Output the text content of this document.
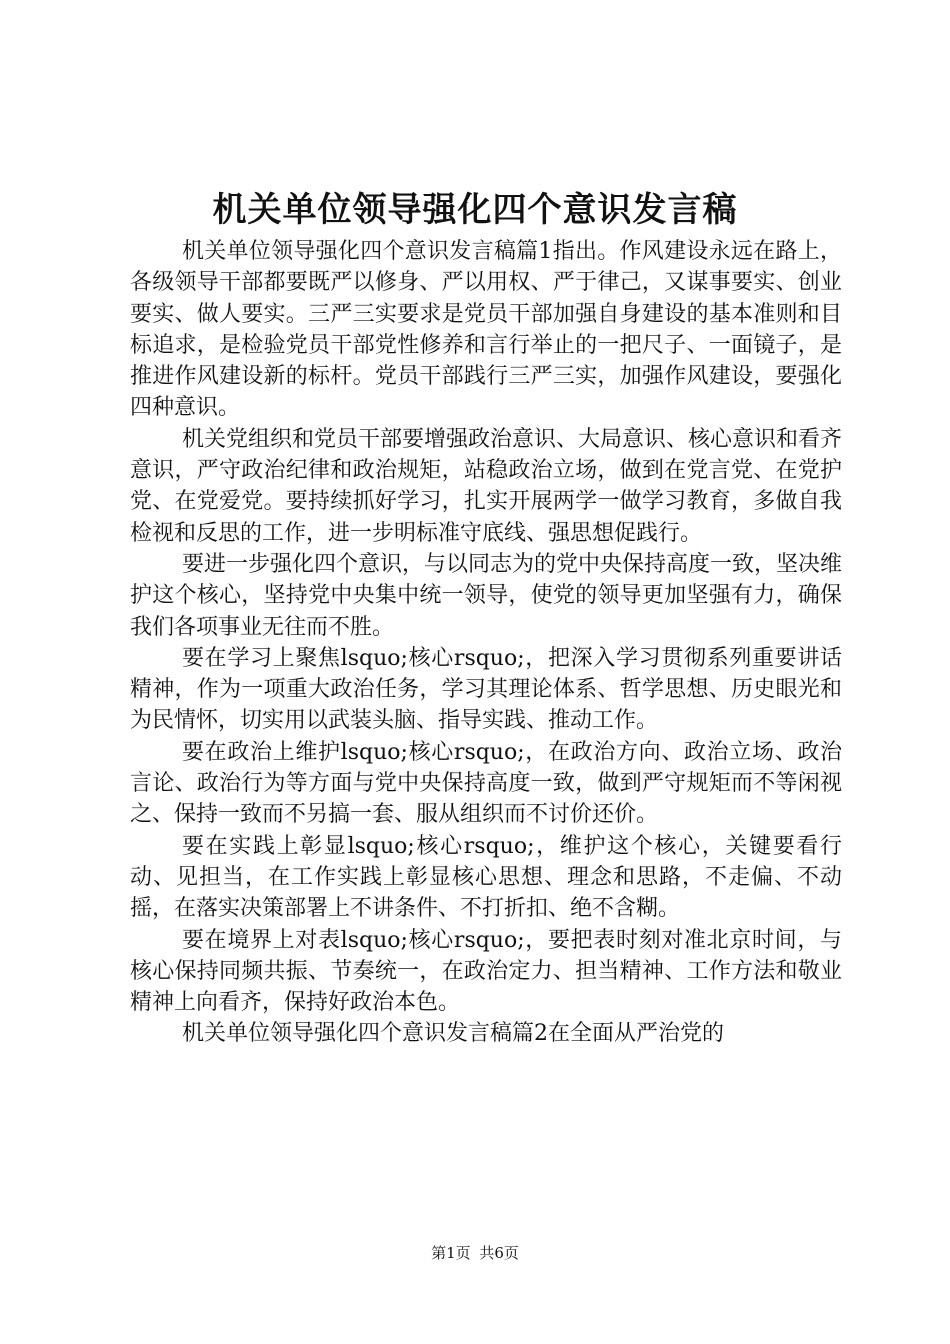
机关单位领导强化四个意识发言稿

机关单位领导强化四个意识发言稿篇1指出。作风建设永远在路上，各级领导干部都要既严以修身、严以用权、严于律己，又谋事要实、创业要实、做人要实。三严三实要求是党员干部加强自身建设的基本准则和目标追求，是检验党员干部党性修养和言行举止的一把尺子、一面镜子，是推进作风建设新的标杆。党员干部践行三严三实，加强作风建设，要强化四种意识。

机关党组织和党员干部要增强政治意识、大局意识、核心意识和看齐意识，严守政治纪律和政治规矩，站稳政治立场，做到在党言党、在党护党、在党爱党。要持续抓好学习，扎实开展两学一做学习教育，多做自我检视和反思的工作，进一步明标准守底线、强思想促践行。

要进一步强化四个意识，与以同志为的党中央保持高度一致，坚决维护这个核心，坚持党中央集中统一领导，使党的领导更加坚强有力，确保我们各项事业无往而不胜。

要在学习上聚焦lsquo;核心rsquo;，把深入学习贯彻系列重要讲话精神，作为一项重大政治任务，学习其理论体系、哲学思想、历史眼光和为民情怀，切实用以武装头脑、指导实践、推动工作。

要在政治上维护lsquo;核心rsquo;，在政治方向、政治立场、政治言论、政治行为等方面与党中央保持高度一致，做到严守规矩而不等闲视之、保持一致而不另搞一套、服从组织而不讨价还价。

要在实践上彰显lsquo;核心rsquo;，维护这个核心，关键要看行动、见担当，在工作实践上彰显核心思想、理念和思路，不走偏、不动摇，在落实决策部署上不讲条件、不打折扣、绝不含糊。

要在境界上对表lsquo;核心rsquo;，要把表时刻对准北京时间，与核心保持同频共振、节奏统一，在政治定力、担当精神、工作方法和敬业精神上向看齐，保持好政治本色。

机关单位领导强化四个意识发言稿篇2在全面从严治党的

第1页 共6页
